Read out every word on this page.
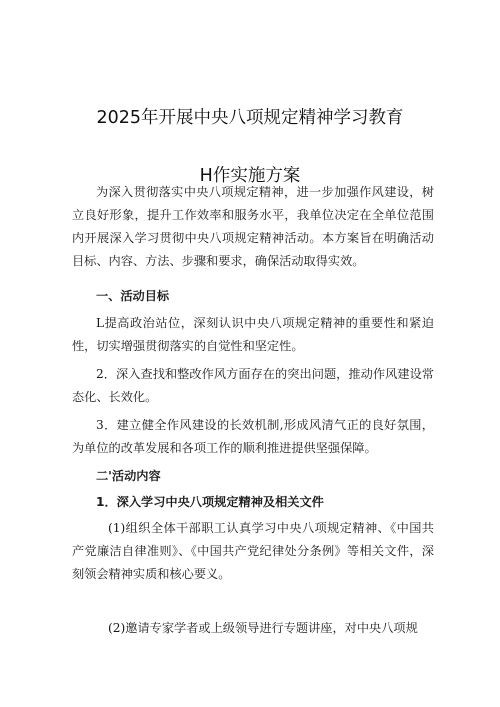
2025年开展中央八项规定精神学习教育
H作实施方案
为深入贯彻落实中央八项规定精神，进一步加强作风建设，树立良好形象，提升工作效率和服务水平，我单位决定在全单位范围内开展深入学习贯彻中央八项规定精神活动。本方案旨在明确活动目标、内容、方法、步骤和要求，确保活动取得实效。
一、活动目标
L提高政治站位，深刻认识中央八项规定精神的重要性和紧迫性，切实增强贯彻落实的自觉性和坚定性。
2．深入查找和整改作风方面存在的突出问题，推动作风建设常态化、长效化。
3．建立健全作风建设的长效机制,形成风清气正的良好氛围，为单位的改革发展和各项工作的顺利推进提供坚强保障。
二'活动内容
1．深入学习中央八项规定精神及相关文件
(1)组织全体干部职工认真学习中央八项规定精神、《中国共产党廉洁自律准则》、《中国共产党纪律处分条例》等相关文件，深刻领会精神实质和核心要义。
(2)邀请专家学者或上级领导进行专题讲座，对中央八项规
